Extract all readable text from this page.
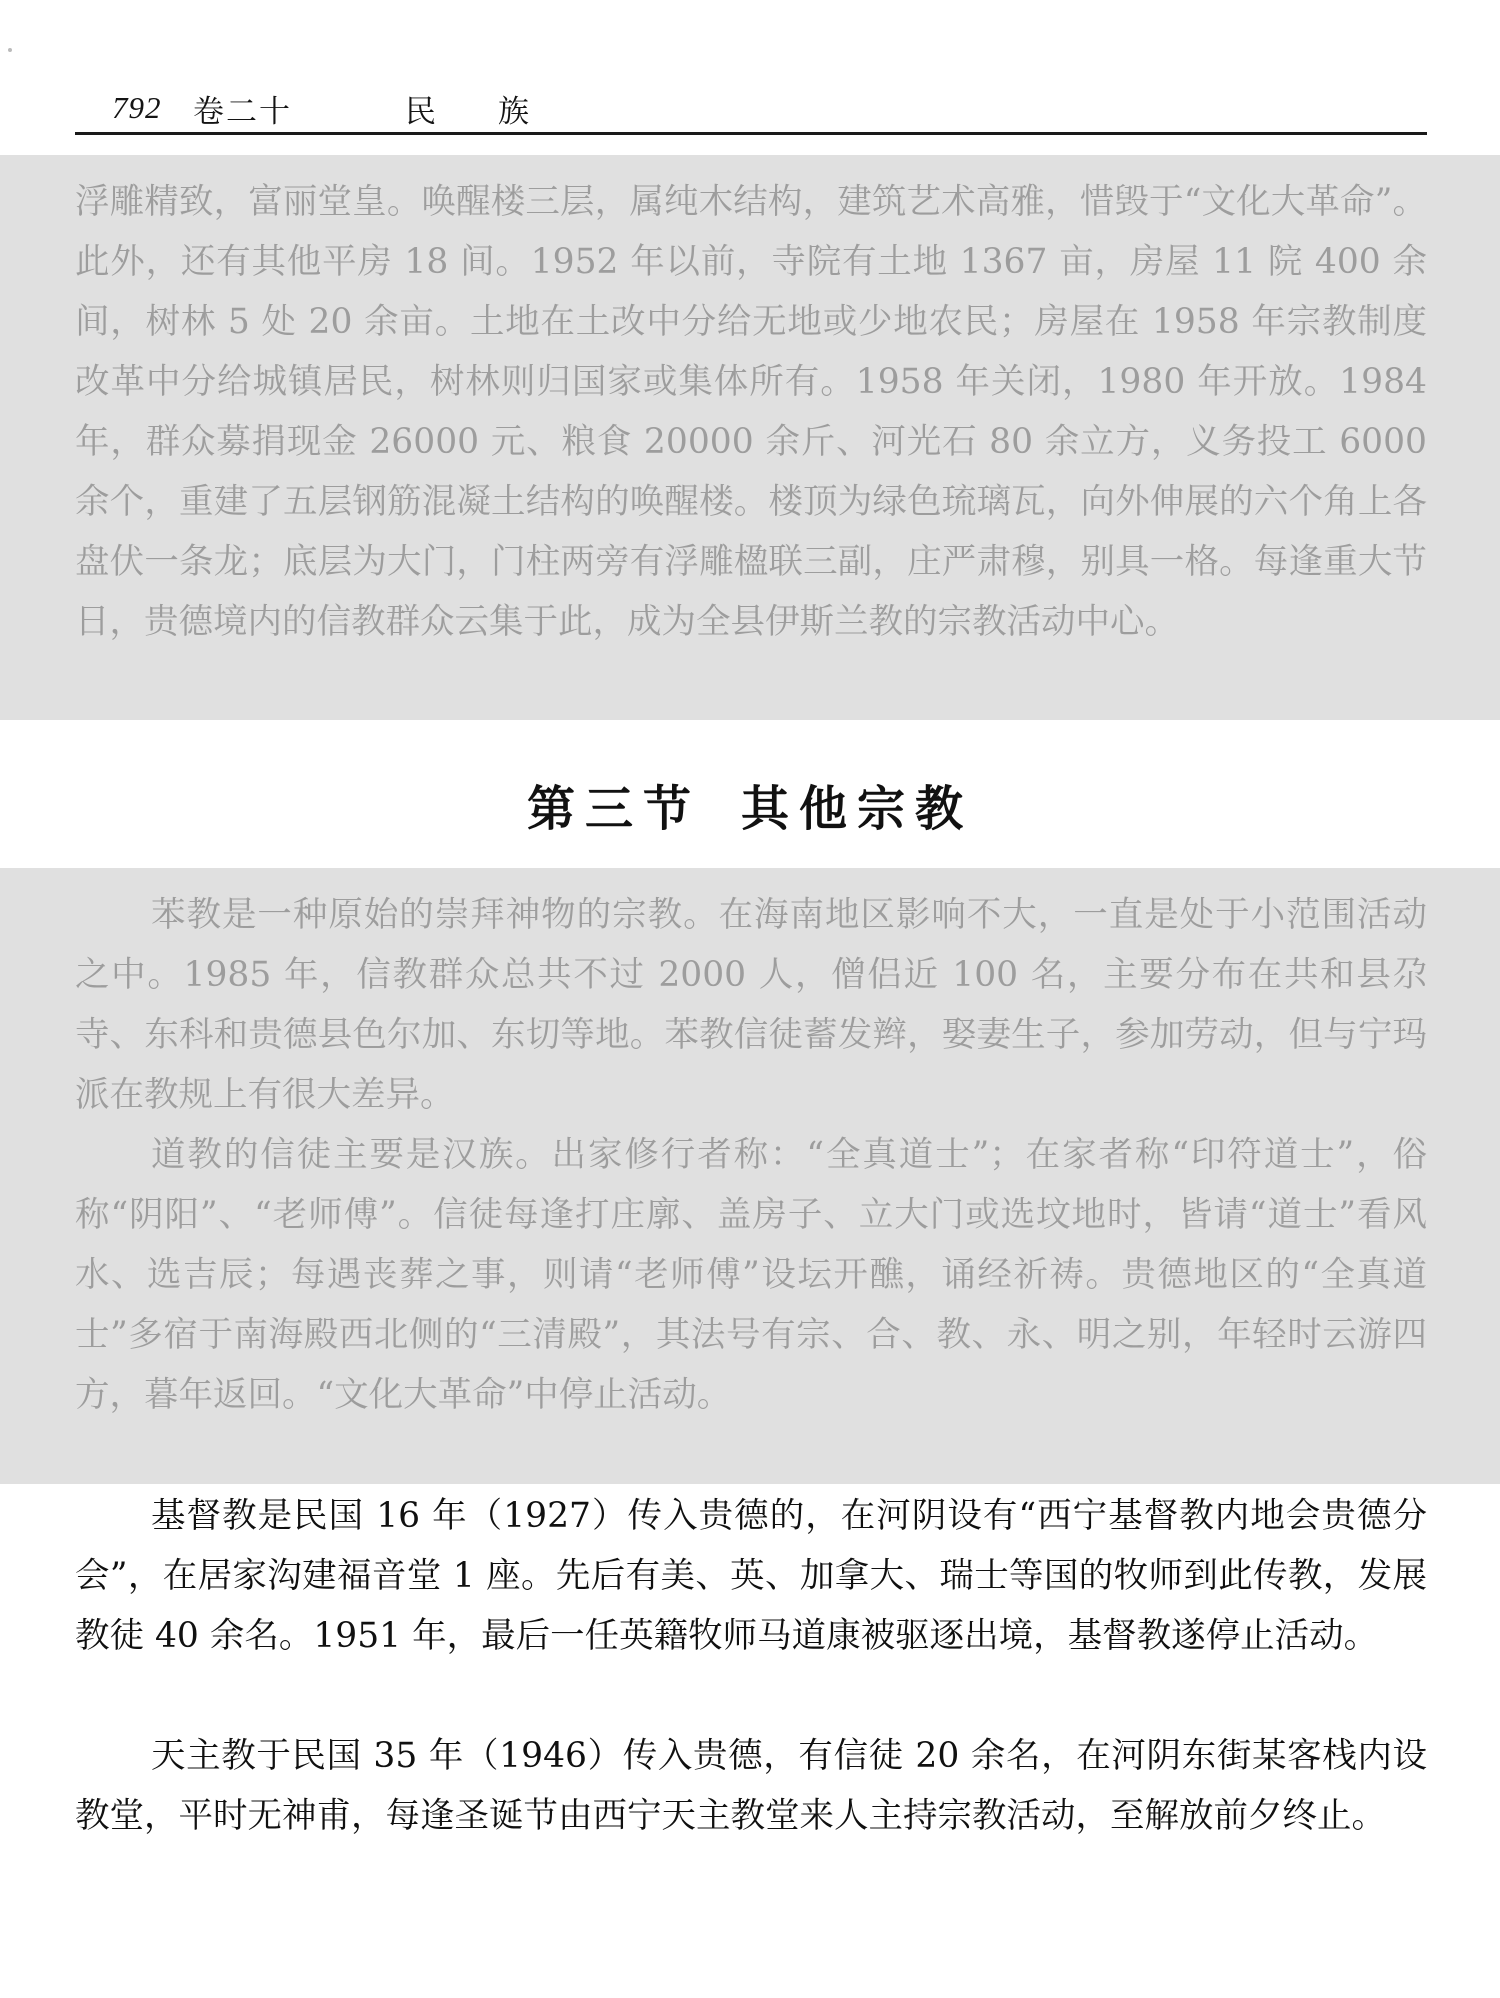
792 卷二十	民族

浮雕精致，富丽堂皇。唤醒楼三层，属纯木结构，建筑艺术高雅，惜毁于“文化大革命”。此外，还有其他平房 18 间。1952 年以前，寺院有土地 1367 亩，房屋 11 院 400 余间，树林 5 处 20 余亩。土地在土改中分给无地或少地农民；房屋在 1958 年宗教制度改革中分给城镇居民，树林则归国家或集体所有。1958 年关闭，1980 年开放。1984 年，群众募捐现金 26000 元、粮食 20000 余斤、河光石 80 余立方，义务投工 6000 余个，重建了五层钢筋混凝土结构的唤醒楼。楼顶为绿色琉璃瓦，向外伸展的六个角上各盘伏一条龙；底层为大门，门柱两旁有浮雕楹联三副，庄严肃穆，别具一格。每逢重大节日，贵德境内的信教群众云集于此，成为全县伊斯兰教的宗教活动中心。

第三节 其他宗教

苯教是一种原始的崇拜神物的宗教。在海南地区影响不大，一直是处于小范围活动之中。1985 年，信教群众总共不过 2000 人，僧侣近 100 名，主要分布在共和县尕寺、东科和贵德县色尔加、东切等地。苯教信徒蓄发辫，娶妻生子，参加劳动，但与宁玛派在教规上有很大差异。

道教的信徒主要是汉族。出家修行者称：“全真道士”；在家者称“印符道士”，俗称“阴阳”、“老师傅”。信徒每逢打庄廓、盖房子、立大门或选坟地时，皆请“道士”看风水、选吉辰；每遇丧葬之事，则请“老师傅”设坛开醮，诵经祈祷。贵德地区的“全真道士”多宿于南海殿西北侧的“三清殿”，其法号有宗、合、教、永、明之别，年轻时云游四方，暮年返回。“文化大革命”中停止活动。

基督教是民国 16 年（1927）传入贵德的，在河阴设有“西宁基督教内地会贵德分会”，在居家沟建福音堂 1 座。先后有美、英、加拿大、瑞士等国的牧师到此传教，发展教徒 40 余名。1951 年，最后一任英籍牧师马道康被驱逐出境，基督教遂停止活动。

天主教于民国 35 年（1946）传入贵德，有信徒 20 余名，在河阴东街某客栈内设教堂，平时无神甫，每逢圣诞节由西宁天主教堂来人主持宗教活动，至解放前夕终止。
